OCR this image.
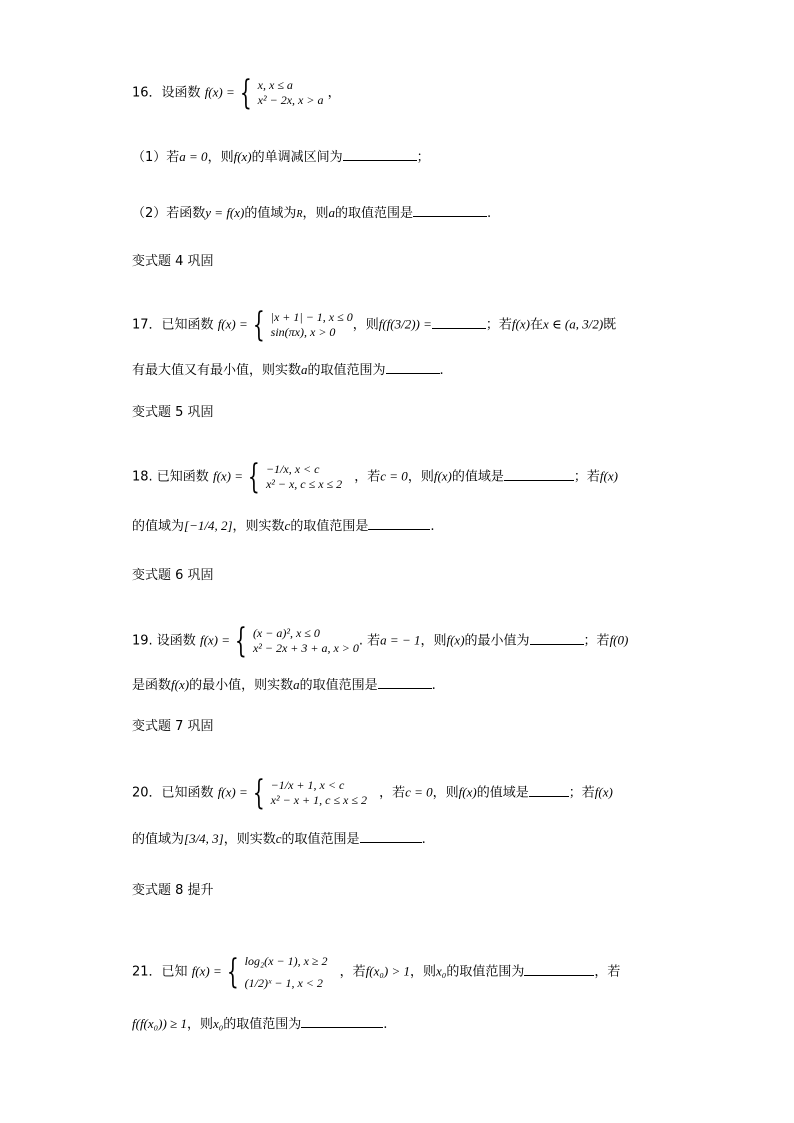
16．设函数 f(x) = { x, x ≤ a
x² − 2x, x > a ，
（1）若a = 0，则f(x)的单调减区间为	；
（2）若函数y = f(x)的值域为R，则a的取值范围是	.
变式题 4 巩固
17．已知函数 f(x) = { |x + 1| − 1, x ≤ 0
sin(πx), x > 0	，则f(f(3/2)) =	；若f(x)在x ∈ (a, 3/2)既
有最大值又有最小值，则实数a的取值范围为	.
变式题 5 巩固
18. 已知函数 f(x) = { −1/x, x < c
x² − x, c ≤ x ≤ 2 ，若c = 0，则f(x)的值域是	；若f(x)
的值域为[−1/4, 2]，则实数c的取值范围是	.
变式题 6 巩固
19. 设函数 f(x) = { (x − a)², x ≤ 0
x² − 2x + 3 + a, x > 0 . 若a = − 1，则f(x)的最小值为	；若f(0)
是函数f(x)的最小值，则实数a的取值范围是	.
变式题 7 巩固
20．已知函数 f(x) = { −1/x + 1, x < c
x² − x + 1, c ≤ x ≤ 2 ，若c = 0，则f(x)的值域是	；若f(x)
的值域为[3/4, 3]，则实数c的取值范围是	.
变式题 8 提升
21．已知 f(x) = { log₂(x − 1), x ≥ 2
(1/2)ˣ − 1, x < 2
，若f(x₀) > 1，则x₀的取值范围为	，若
f(f(x₀)) ≥ 1，则x₀的取值范围为	.
